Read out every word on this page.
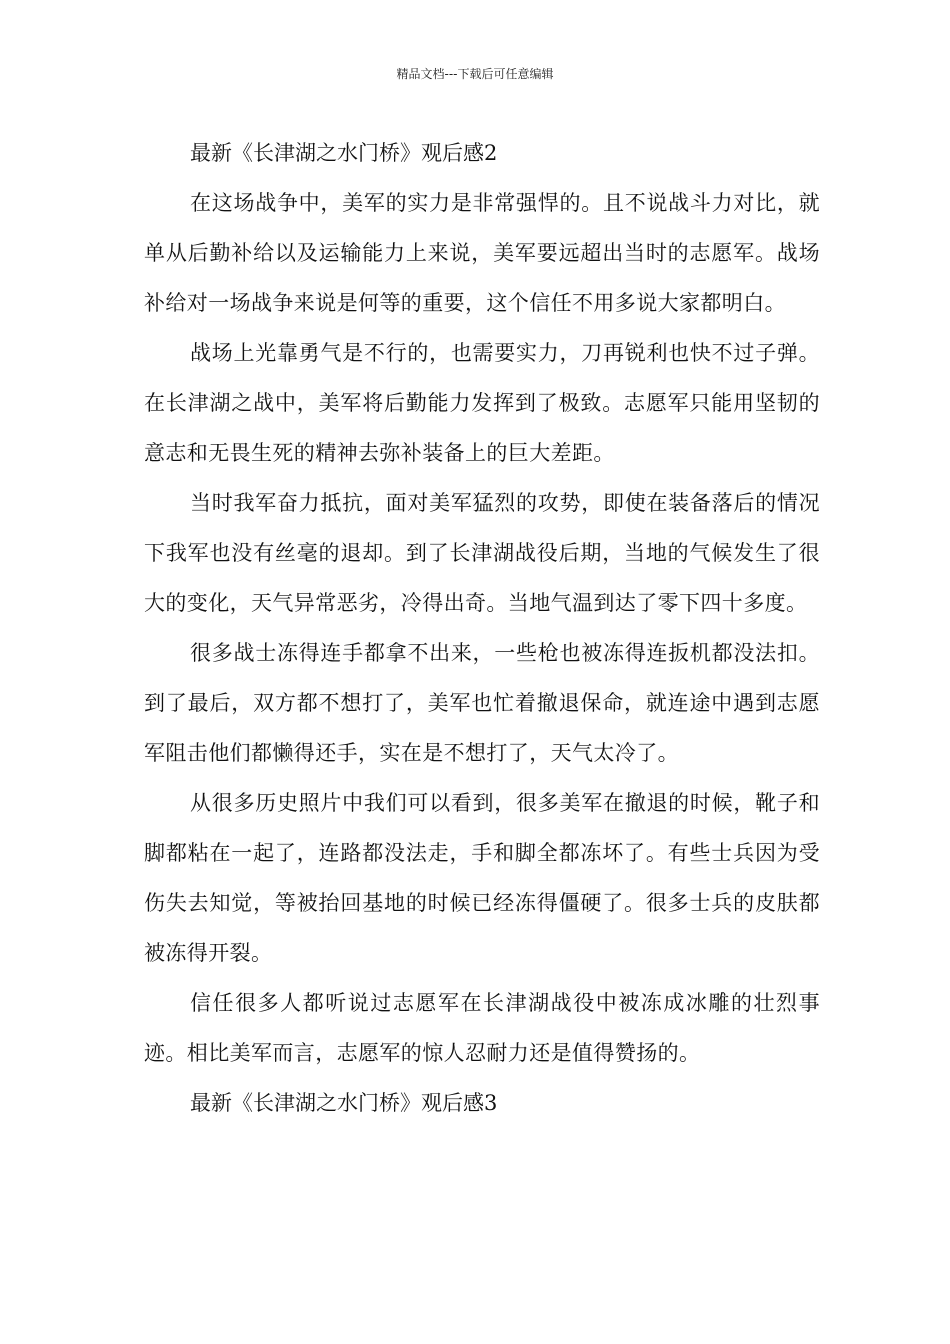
精品文档---下载后可任意编辑
最新《长津湖之水门桥》观后感2

在这场战争中，美军的实力是非常强悍的。且不说战斗力对比，就单从后勤补给以及运输能力上来说，美军要远超出当时的志愿军。战场补给对一场战争来说是何等的重要，这个信任不用多说大家都明白。

战场上光靠勇气是不行的，也需要实力，刀再锐利也快不过子弹。在长津湖之战中，美军将后勤能力发挥到了极致。志愿军只能用坚韧的意志和无畏生死的精神去弥补装备上的巨大差距。

当时我军奋力抵抗，面对美军猛烈的攻势，即使在装备落后的情况下我军也没有丝毫的退却。到了长津湖战役后期，当地的气候发生了很大的变化，天气异常恶劣，冷得出奇。当地气温到达了零下四十多度。

很多战士冻得连手都拿不出来，一些枪也被冻得连扳机都没法扣。到了最后，双方都不想打了，美军也忙着撤退保命，就连途中遇到志愿军阻击他们都懒得还手，实在是不想打了，天气太冷了。

从很多历史照片中我们可以看到，很多美军在撤退的时候，靴子和脚都粘在一起了，连路都没法走，手和脚全都冻坏了。有些士兵因为受伤失去知觉，等被抬回基地的时候已经冻得僵硬了。很多士兵的皮肤都被冻得开裂。

信任很多人都听说过志愿军在长津湖战役中被冻成冰雕的壮烈事迹。相比美军而言，志愿军的惊人忍耐力还是值得赞扬的。

最新《长津湖之水门桥》观后感3
